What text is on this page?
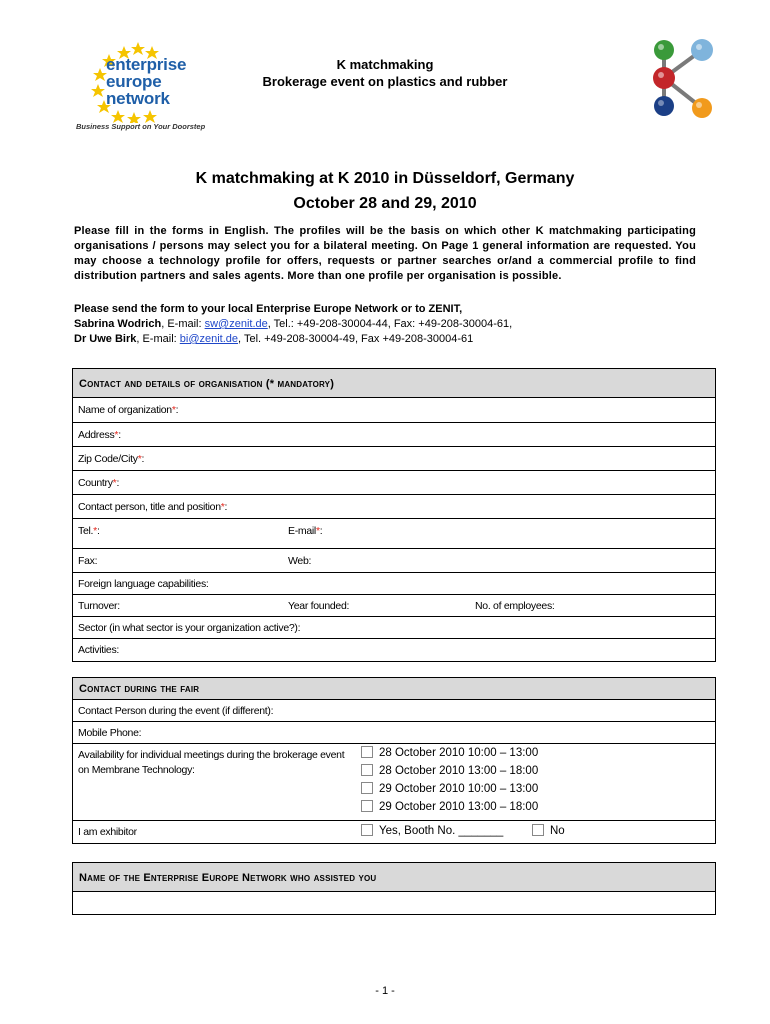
enterprise
europe
network
Business Support on Your Doorstep
K matchmaking
Brokerage event on plastics and rubber
K matchmaking at K 2010 in Düsseldorf, Germany
October 28 and 29, 2010
Please fill in the forms in English. The profiles will be the basis on which other K matchmaking participating organisations / persons may select you for a bilateral meeting. On Page 1 general information are requested. You may choose a technology profile for offers, requests or partner searches or/and a commercial profile to find distribution partners and sales agents. More than one profile per organisation is possible.
Please send the form to your local Enterprise Europe Network or to ZENIT,
Sabrina Wodrich, E-mail: sw@zenit.de, Tel.: +49-208-30004-44, Fax: +49-208-30004-61,
Dr Uwe Birk, E-mail: bi@zenit.de, Tel. +49-208-30004-49, Fax +49-208-30004-61
Contact and details of organisation (* mandatory)
Name of organization*:
Address*:
Zip Code/City*:
Country*:
Contact person, title and position*:
Tel.*:	E-mail*:
Fax:	Web:
Foreign language capabilities:
Turnover:	Year founded:	No. of employees:
Sector (in what sector is your organization active?):
Activities:
Contact during the fair
Contact Person during the event (if different):
Mobile Phone:
Availability for individual meetings during the brokerage event on Membrane Technology:
28 October 2010 10:00 – 13:00
28 October 2010 13:00 – 18:00
29 October 2010 10:00 – 13:00
29 October 2010 13:00 – 18:00
I am exhibitor	Yes, Booth No. _______	No
Name of the Enterprise Europe Network who assisted you
- 1 -
